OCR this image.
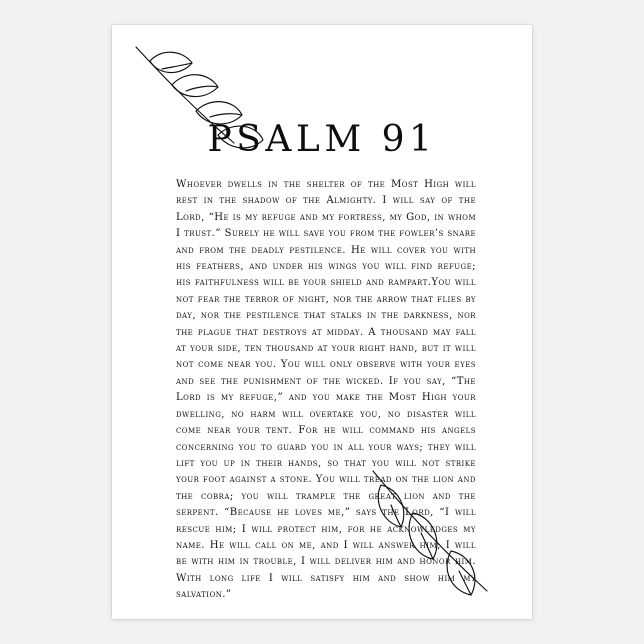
PSALM 91

Whoever dwells in the shelter of the Most High will rest in the shadow of the Almighty. I will say of the Lord, “He is my refuge and my fortress, my God, in whom I trust.” Surely he will save you from the fowler’s snare and from the deadly pestilence. He will cover you with his feathers, and under his wings you will find refuge; his faithfulness will be your shield and rampart.You will not fear the terror of night, nor the arrow that flies by day, nor the pestilence that stalks in the darkness, nor the plague that destroys at midday. A thousand may fall at your side, ten thousand at your right hand, but it will not come near you. You will only observe with your eyes and see the punishment of the wicked. If you say, “The Lord is my refuge,” and you make the Most High your dwelling, no harm will overtake you, no disaster will come near your tent. For he will command his angels concerning you to guard you in all your ways; they will lift you up in their hands, so that you will not strike your foot against a stone. You will tread on the lion and the cobra; you will trample the great lion and the serpent. “Because he loves me,” says the Lord, “I will rescue him; I will protect him, for he acknowledges my name. He will call on me, and I will answer him; I will be with him in trouble, I will deliver him and honor him. With long life I will satisfy him and show him my salvation.”
